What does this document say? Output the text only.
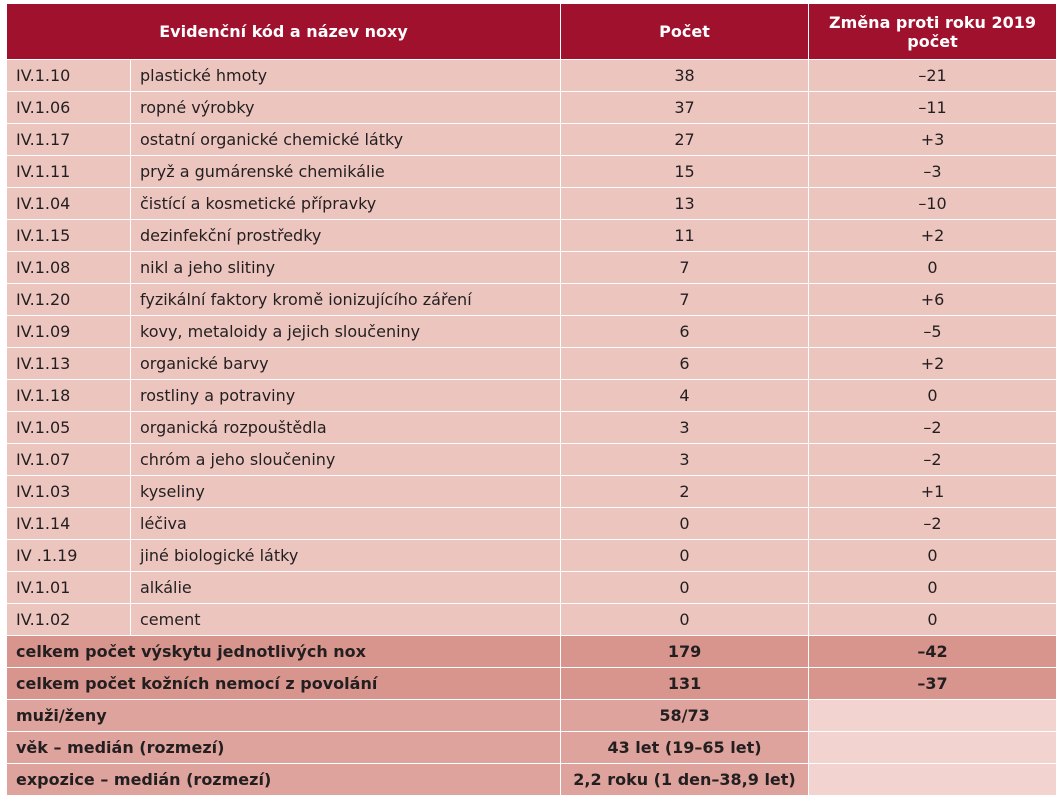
Evidenční kód a název noxy		Počet	Změna proti roku 2019
počet
IV.1.10	plastické hmoty	38	–21
IV.1.06	ropné výrobky	37	–11
IV.1.17	ostatní organické chemické látky	27	+3
IV.1.11	pryž a gumárenské chemikálie	15	–3
IV.1.04	čistící a kosmetické přípravky	13	–10
IV.1.15	dezinfekční prostředky	11	+2
IV.1.08	nikl a jeho slitiny	7	0
IV.1.20	fyzikální faktory kromě ionizujícího záření	7	+6
IV.1.09	kovy, metaloidy a jejich sloučeniny	6	–5
IV.1.13	organické barvy	6	+2
IV.1.18	rostliny a potraviny	4	0
IV.1.05	organická rozpouštědla	3	–2
IV.1.07	chróm a jeho sloučeniny	3	–2
IV.1.03	kyseliny	2	+1
IV.1.14	léčiva	0	–2
IV .1.19	jiné biologické látky	0	0
IV.1.01	alkálie	0	0
IV.1.02	cement	0	0
celkem počet výskytu jednotlivých nox		179	–42
celkem počet kožních nemocí z povolání		131	–37
muži/ženy		58/73	
věk – medián (rozmezí)		43 let (19–65 let)	
expozice – medián (rozmezí)		2,2 roku (1 den–38,9 let)	
